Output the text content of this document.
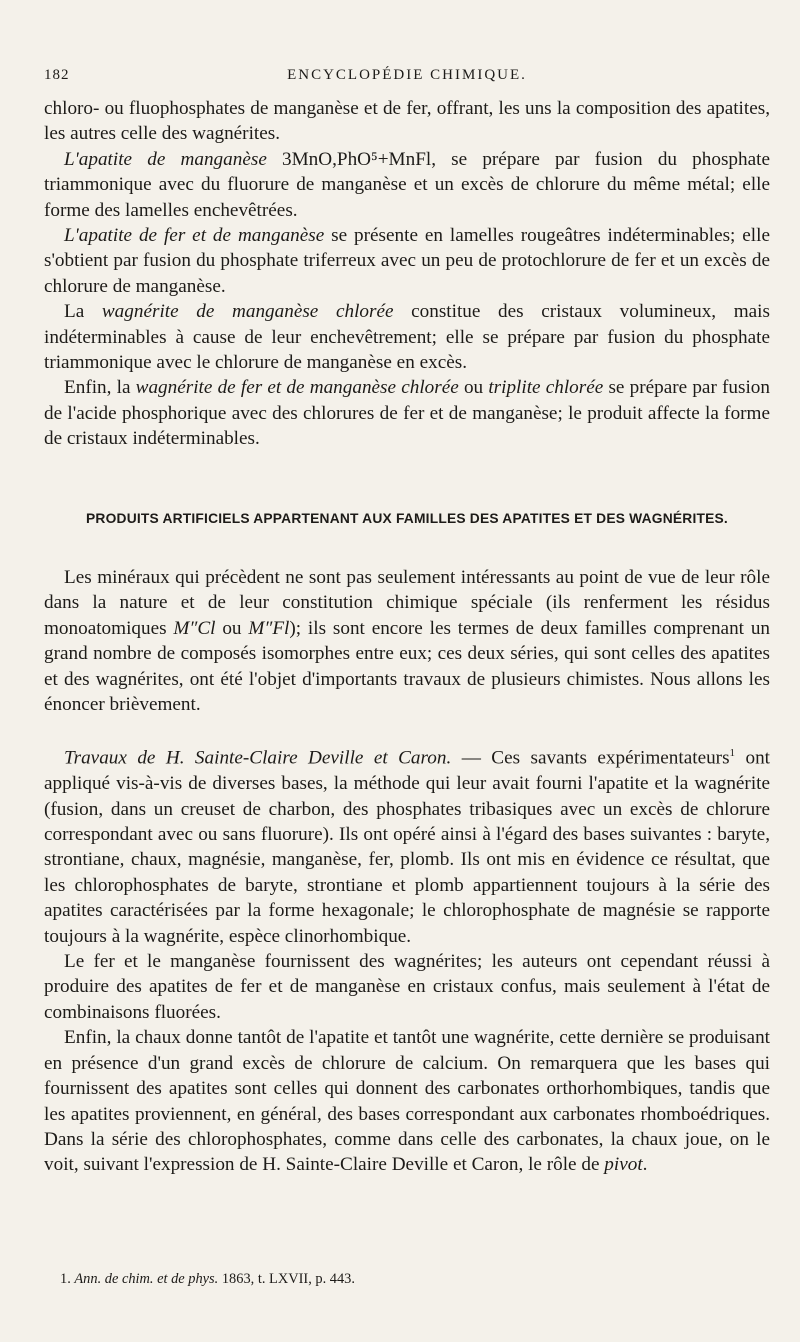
182	ENCYCLOPÉDIE CHIMIQUE.

chloro- ou fluophosphates de manganèse et de fer, offrant, les uns la composition des apatites, les autres celle des wagnérites.

L'apatite de manganèse 3MnO,PhO⁵+MnFl, se prépare par fusion du phosphate triammonique avec du fluorure de manganèse et un excès de chlorure du même métal; elle forme des lamelles enchevêtrées.

L'apatite de fer et de manganèse se présente en lamelles rougeâtres indéterminables; elle s'obtient par fusion du phosphate triferreux avec un peu de protochlorure de fer et un excès de chlorure de manganèse.

La wagnérite de manganèse chlorée constitue des cristaux volumineux, mais indéterminables à cause de leur enchevêtrement; elle se prépare par fusion du phosphate triammonique avec le chlorure de manganèse en excès.

Enfin, la wagnérite de fer et de manganèse chlorée ou triplite chlorée se prépare par fusion de l'acide phosphorique avec des chlorures de fer et de manganèse; le produit affecte la forme de cristaux indéterminables.

PRODUITS ARTIFICIELS APPARTENANT AUX FAMILLES DES APATITES ET DES WAGNÉRITES.

Les minéraux qui précèdent ne sont pas seulement intéressants au point de vue de leur rôle dans la nature et de leur constitution chimique spéciale (ils renferment les résidus monoatomiques M″Cl ou M″Fl); ils sont encore les termes de deux familles comprenant un grand nombre de composés isomorphes entre eux; ces deux séries, qui sont celles des apatites et des wagnérites, ont été l'objet d'importants travaux de plusieurs chimistes. Nous allons les énoncer brièvement.

Travaux de H. Sainte-Claire Deville et Caron. — Ces savants expérimentateurs$^1$ ont appliqué vis-à-vis de diverses bases, la méthode qui leur avait fourni l'apatite et la wagnérite (fusion, dans un creuset de charbon, des phosphates tribasiques avec un excès de chlorure correspondant avec ou sans fluorure). Ils ont opéré ainsi à l'égard des bases suivantes : baryte, strontiane, chaux, magnésie, manganèse, fer, plomb. Ils ont mis en évidence ce résultat, que les chlorophosphates de baryte, strontiane et plomb appartiennent toujours à la série des apatites caractérisées par la forme hexagonale; le chlorophosphate de magnésie se rapporte toujours à la wagnérite, espèce clinorhombique.

Le fer et le manganèse fournissent des wagnérites; les auteurs ont cependant réussi à produire des apatites de fer et de manganèse en cristaux confus, mais seulement à l'état de combinaisons fluorées.

Enfin, la chaux donne tantôt de l'apatite et tantôt une wagnérite, cette dernière se produisant en présence d'un grand excès de chlorure de calcium. On remarquera que les bases qui fournissent des apatites sont celles qui donnent des carbonates orthorhombiques, tandis que les apatites proviennent, en général, des bases correspondant aux carbonates rhomboédriques. Dans la série des chlorophosphates, comme dans celle des carbonates, la chaux joue, on le voit, suivant l'expression de H. Sainte-Claire Deville et Caron, le rôle de pivot.

1. Ann. de chim. et de phys. 1863, t. LXVII, p. 443.
